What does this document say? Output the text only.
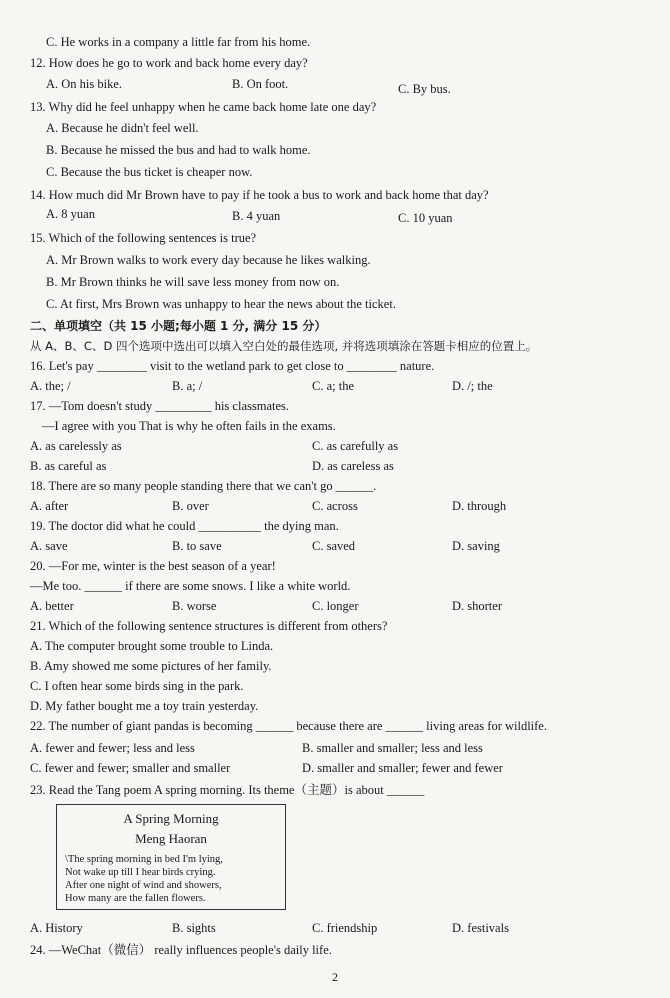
C. He works in a company a little far from his home.
12. How does he go to work and back home every day?
A. On his bike.	B. On foot.	C. By bus.
13. Why did he feel unhappy when he came back home late one day?
A. Because he didn't feel well.
B. Because he missed the bus and had to walk home.
C. Because the bus ticket is cheaper now.
14. How much did Mr Brown have to pay if he took a bus to work and back home that day?
A. 8 yuan	B. 4 yuan	C. 10 yuan
15. Which of the following sentences is true?
A. Mr Brown walks to work every day because he likes walking.
B. Mr Brown thinks he will save less money from now on.
C. At first, Mrs Brown was unhappy to hear the news about the ticket.
二、单项填空（共 15 小题;每小题 1 分, 满分 15 分）
从 A、B、C、D 四个选项中选出可以填入空白处的最佳选项, 并将选项填涂在答题卡相应的位置上。
16. Let's pay ________ visit to the wetland park to get close to ________ nature.
A. the; /	B. a; /	C. a; the	D. /; the
17. —Tom doesn't study _________ his classmates.
—I agree with you That is why he often fails in the exams.
A. as carelessly as	C. as carefully as
B. as careful as	D. as careless as
18. There are so many people standing there that we can't go ______.
A. after	B. over	C. across	D. through
19. The doctor did what he could __________ the dying man.
A. save	B. to save	C. saved	D. saving
20. —For me, winter is the best season of a year!
—Me too. ______ if there are some snows. I like a white world.
A. better	B. worse	C. longer	D. shorter
21. Which of the following sentence structures is different from others?
A. The computer brought some trouble to Linda.
B. Amy showed me some pictures of her family.
C. I often hear some birds sing in the park.
D. My father bought me a toy train yesterday.
22. The number of giant pandas is becoming ______ because there are ______ living areas for wildlife.
A. fewer and fewer; less and less	B. smaller and smaller; less and less
C. fewer and fewer; smaller and smaller	D. smaller and smaller; fewer and fewer
23. Read the Tang poem A spring morning. Its theme（主题）is about ______
A Spring Morning
Meng Haoran
\The spring morning in bed I'm lying,
Not wake up till I hear birds crying.
After one night of wind and showers,
How many are the fallen flowers.
A. History	B. sights	C. friendship	D. festivals
24. —WeChat（微信） really influences people's daily life.
2
